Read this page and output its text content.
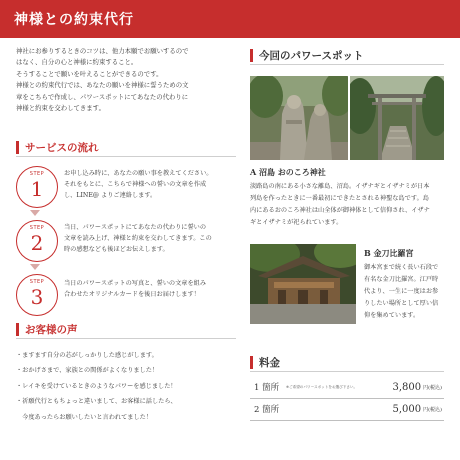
神様との約束代行

神社にお参りするときのコツは、他力本願でお願いするので

はなく、自分の心と神様に約束すること。

そうすることで願いを叶えることができるのです。

神様との約束代行では、あなたの願いを神様に誓うための文

章をこちらで作成し、パワースポットにてあなたの代わりに

神様と約束を交わしてきます。

サービスの流れ
STEP
1
お申し込み時に、あなたの願い事を教えてください。
それをもとに、こちらで神様への誓いの文章を作成
し、LINE@ よりご連絡します。
STEP
2
当日、パワースポットにてあなたの代わりに誓いの
文章を読み上げ、神様と約束を交わしてきます。この
時の感想なども後ほどお伝えします。
STEP
3
当日のパワースポットの写真と、誓いの文章を組み
合わせたオリジナルカードを後日お届けします！
お客様の声
・ますます自分の芯がしっかりした感じがします。
・おかげさまで、家族との関係がよくなりました！
・レイキを受けているときのようなパワーを感じました！
・祈願代行ともちょっと違いまして、お客様に話したら、
　今度あったらお願いしたいと言われてました！
今回のパワースポット
A 沼島 おのころ神社

淡路島の南にある小さな離島、沼島。イザナギとイザナミが日本

列島を作ったときに一番最初にできたとされる神聖な島です。島

内にあるおのころ神社は山全体が御神体として信仰され、イザナ

ギとイザナミが祀られています。

B 金刀比羅宮

御本宮まで続く長い石段で

有名な金刀比羅宮。江戸時

代より、一生に一度はお参

りしたい場所として厚い信

仰を集めています。

料金
1 箇所 ※ご希望のパワースポットをお選び下さい。	3,800 円(税込)
2 箇所	5,000 円(税込)
